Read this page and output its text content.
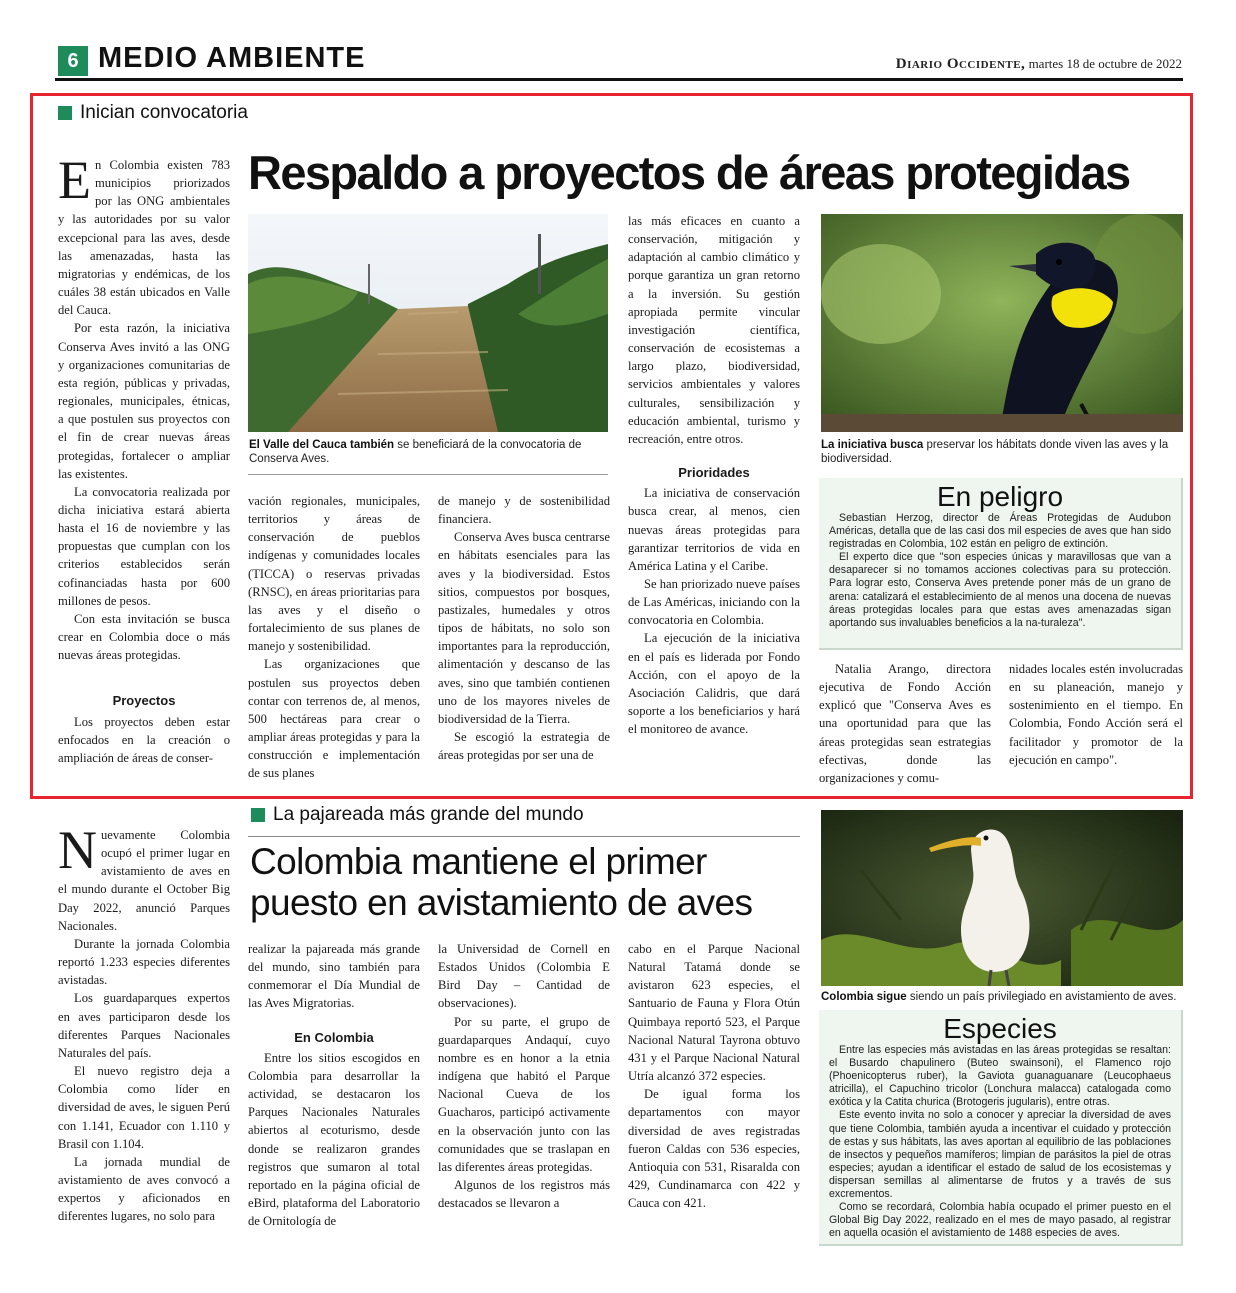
6 MEDIO AMBIENTE	Diario Occidente, martes 18 de octubre de 2022
Inician convocatoria
Respaldo a proyectos de áreas protegidas
E n Colombia existen 783 municipios priorizados por las ONG ambientales y las autoridades por su valor excepcional para las aves, desde las amenazadas, hasta las migratorias y endémicas, de los cuáles 38 están ubicados en Valle del Cauca.

Por esta razón, la iniciativa Conserva Aves invitó a las ONG y organizaciones comunitarias de esta región, públicas y privadas, regionales, municipales, étnicas, a que postulen sus proyectos con el fin de crear nuevas áreas protegidas, fortalecer o ampliar las existentes.

La convocatoria realizada por dicha iniciativa estará abierta hasta el 16 de noviembre y las propuestas que cumplan con los criterios establecidos serán cofinanciadas hasta por 600 millones de pesos.

Con esta invitación se busca crear en Colombia doce o más nuevas áreas protegidas.

Proyectos

Los proyectos deben estar enfocados en la creación o ampliación de áreas de conser-

El Valle del Cauca también se beneficiará de la convocatoria de Conserva Aves.

vación regionales, municipales, territorios y áreas de conservación de pueblos indígenas y comunidades locales (TICCA) o reservas privadas (RNSC), en áreas prioritarias para las aves y el diseño o fortalecimiento de sus planes de manejo y sostenibilidad.

Las organizaciones que postulen sus proyectos deben contar con terrenos de, al menos, 500 hectáreas para crear o ampliar áreas protegidas y para la construcción e implementación de sus planes

de manejo y de sostenibilidad financiera.

Conserva Aves busca centrarse en hábitats esenciales para las aves y la biodiversidad. Estos sitios, compuestos por bosques, pastizales, humedales y otros tipos de hábitats, no solo son importantes para la reproducción, alimentación y descanso de las aves, sino que también contienen uno de los mayores niveles de biodiversidad de la Tierra.

Se escogió la estrategia de áreas protegidas por ser una de

las más eficaces en cuanto a conservación, mitigación y adaptación al cambio climático y porque garantiza un gran retorno a la inversión. Su gestión apropiada permite vincular investigación científica, conservación de ecosistemas a largo plazo, biodiversidad, servicios ambientales y valores culturales, sensibilización y educación ambiental, turismo y recreación, entre otros.

Prioridades

La iniciativa de conservación busca crear, al menos, cien nuevas áreas protegidas para garantizar territorios de vida en América Latina y el Caribe.

Se han priorizado nueve países de Las Américas, iniciando con la convocatoria en Colombia.

La ejecución de la iniciativa en el país es liderada por Fondo Acción, con el apoyo de la Asociación Calidris, que dará soporte a los beneficiarios y hará el monitoreo de avance.

La iniciativa busca preservar los hábitats donde viven las aves y la biodiversidad.
En peligro

Sebastian Herzog, director de Áreas Protegidas de Audubon Américas, detalla que de las casi dos mil especies de aves que han sido registradas en Colombia, 102 están en peligro de extinción.

El experto dice que "son especies únicas y maravillosas que van a desaparecer si no tomamos acciones colectivas para su protección. Para lograr esto, Conserva Aves pretende poner más de un grano de arena: catalizará el establecimiento de al menos una docena de nuevas áreas protegidas locales para que estas aves amenazadas sigan aportando sus invaluables beneficios a la na-turaleza".

Natalia Arango, directora ejecutiva de Fondo Acción explicó que "Conserva Aves es una oportunidad para que las áreas protegidas sean estrategias efectivas, donde las organizaciones y comu-

nidades locales estén involucradas en su planeación, manejo y sostenimiento en el tiempo. En Colombia, Fondo Acción será el facilitador y promotor de la ejecución en campo".

La pajareada más grande del mundo
Colombia mantiene el primer puesto en avistamiento de aves
N uevamente Colombia ocupó el primer lugar en avistamiento de aves en el mundo durante el October Big Day 2022, anunció Parques Nacionales.

Durante la jornada Colombia reportó 1.233 especies diferentes avistadas.

Los guardaparques expertos en aves participaron desde los diferentes Parques Nacionales Naturales del país.

El nuevo registro deja a Colombia como líder en diversidad de aves, le siguen Perú con 1.141, Ecuador con 1.110 y Brasil con 1.104.

La jornada mundial de avistamiento de aves convocó a expertos y aficionados en diferentes lugares, no solo para

realizar la pajareada más grande del mundo, sino también para conmemorar el Día Mundial de las Aves Migratorias.

En Colombia

Entre los sitios escogidos en Colombia para desarrollar la actividad, se destacaron los Parques Nacionales Naturales abiertos al ecoturismo, desde donde se realizaron grandes registros que sumaron al total reportado en la página oficial de eBird, plataforma del Laboratorio de Ornitología de

la Universidad de Cornell en Estados Unidos (Colombia E Bird Day – Cantidad de observaciones).

Por su parte, el grupo de guardaparques Andaquí, cuyo nombre es en honor a la etnia indígena que habitó el Parque Nacional Cueva de los Guacharos, participó activamente en la observación junto con las comunidades que se traslapan en las diferentes áreas protegidas.

Algunos de los registros más destacados se llevaron a

cabo en el Parque Nacional Natural Tatamá donde se avistaron 623 especies, el Santuario de Fauna y Flora Otún Quimbaya reportó 523, el Parque Nacional Natural Tayrona obtuvo 431 y el Parque Nacional Natural Utría alcanzó 372 especies.

De igual forma los departamentos con mayor diversidad de aves registradas fueron Caldas con 536 especies, Antioquia con 531, Risaralda con 429, Cundinamarca con 422 y Cauca con 421.

Colombia sigue siendo un país privilegiado en avistamiento de aves.
Especies

Entre las especies más avistadas en las áreas protegidas se resaltan: el Busardo chapulinero (Buteo swainsoni), el Flamenco rojo (Phoenicopterus ruber), la Gaviota guanaguanare (Leucophaeus atricilla), el Capuchino tricolor (Lonchura malacca) catalogada como exótica y la Catita churica (Brotogeris jugularis), entre otras.

Este evento invita no solo a conocer y apreciar la diversidad de aves que tiene Colombia, también ayuda a incentivar el cuidado y protección de estas y sus hábitats, las aves aportan al equilibrio de las poblaciones de insectos y pequeños mamíferos; limpian de parásitos la piel de otras especies; ayudan a identificar el estado de salud de los ecosistemas y dispersan semillas al alimentarse de frutos y a través de sus excrementos.

Como se recordará, Colombia había ocupado el primer puesto en el Global Big Day 2022, realizado en el mes de mayo pasado, al registrar en aquella ocasión el avistamiento de 1488 especies de aves.
